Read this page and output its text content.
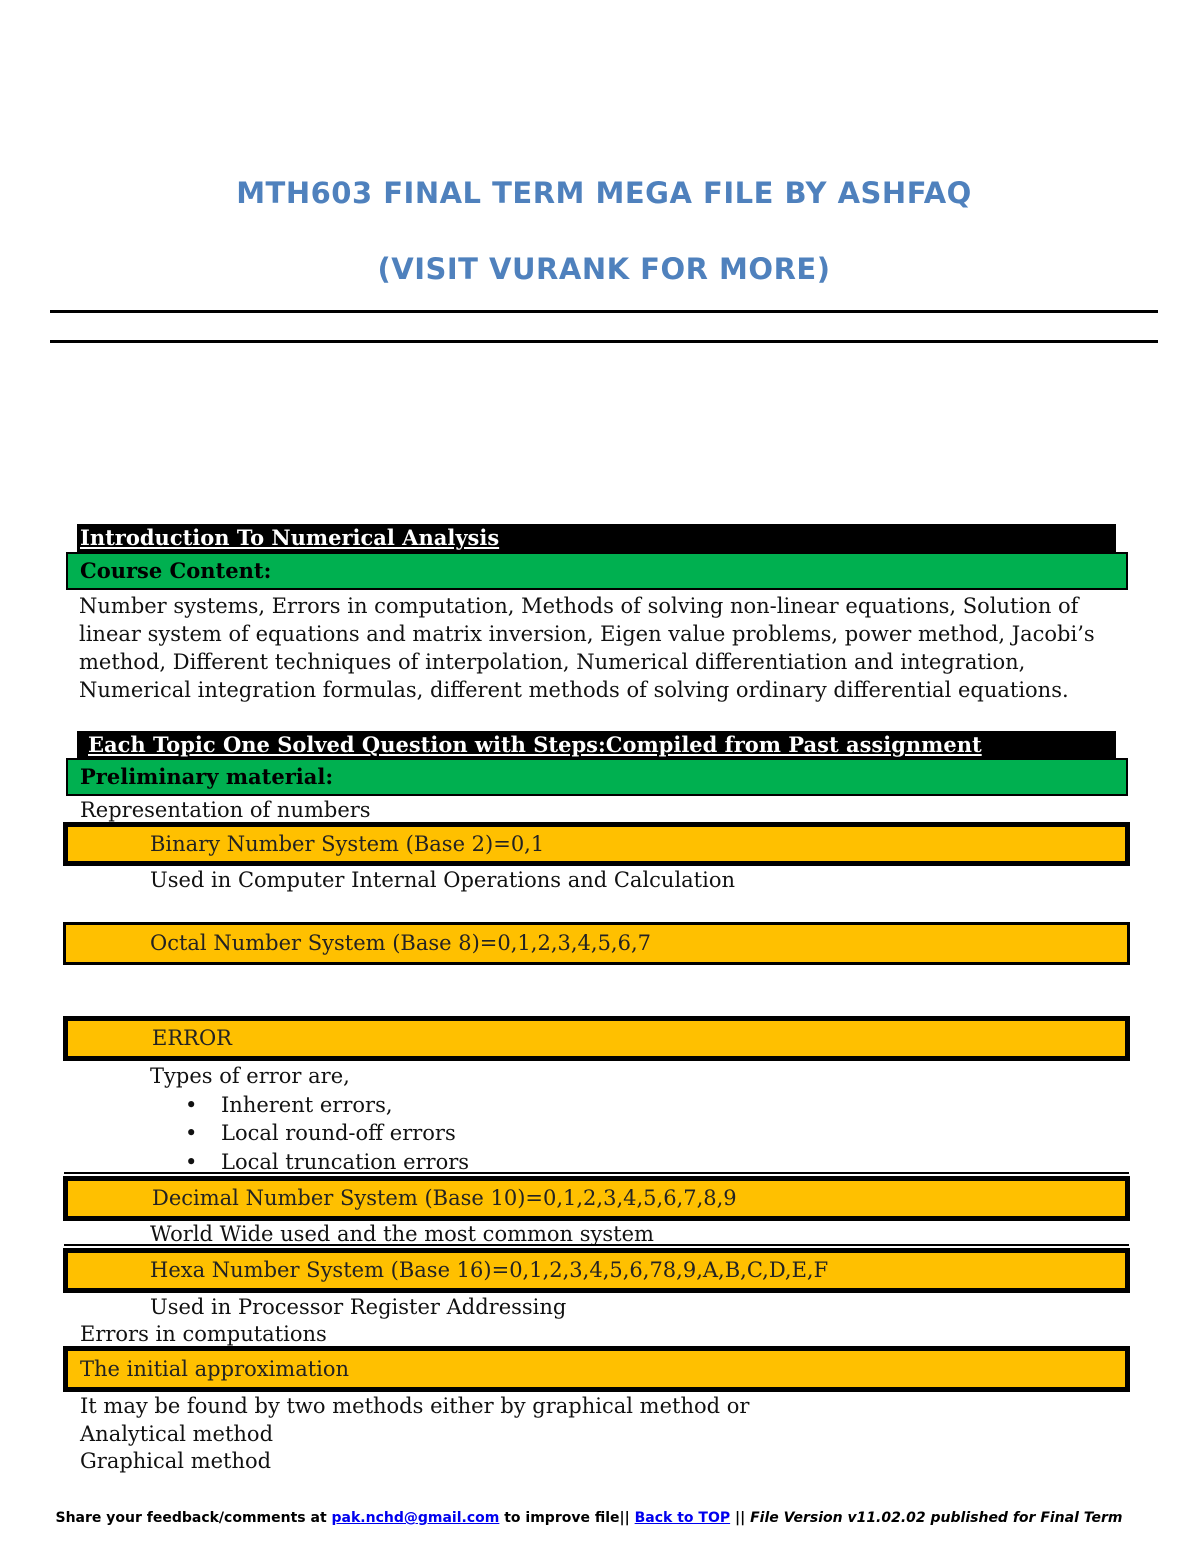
MTH603 FINAL TERM MEGA FILE BY ASHFAQ
(VISIT VURANK FOR MORE)
Introduction To Numerical Analysis
Course Content:
Number systems, Errors in computation, Methods of solving non-linear equations, Solution of linear system of equations and matrix inversion, Eigen value problems, power method, Jacobi’s method, Different techniques of interpolation, Numerical differentiation and integration, Numerical integration formulas, different methods of solving ordinary differential equations.
Each Topic One Solved Question with Steps:Compiled from Past assignment
Preliminary material:
Representation of numbers
Binary Number System (Base 2)=0,1
Used in Computer Internal Operations and Calculation
Octal Number System (Base 8)=0,1,2,3,4,5,6,7
ERROR
Types of error are,
• Inherent errors,
• Local round-off errors
• Local truncation errors
Decimal Number System (Base 10)=0,1,2,3,4,5,6,7,8,9
World Wide used and the most common system
Hexa Number System (Base 16)=0,1,2,3,4,5,6,78,9,A,B,C,D,E,F
Used in Processor Register Addressing
Errors in computations
The initial approximation
It may be found by two methods either by graphical method or
Analytical method
Graphical method
Share your feedback/comments at pak.nchd@gmail.com to improve file|| Back to TOP || File Version v11.02.02 published for Final Term
